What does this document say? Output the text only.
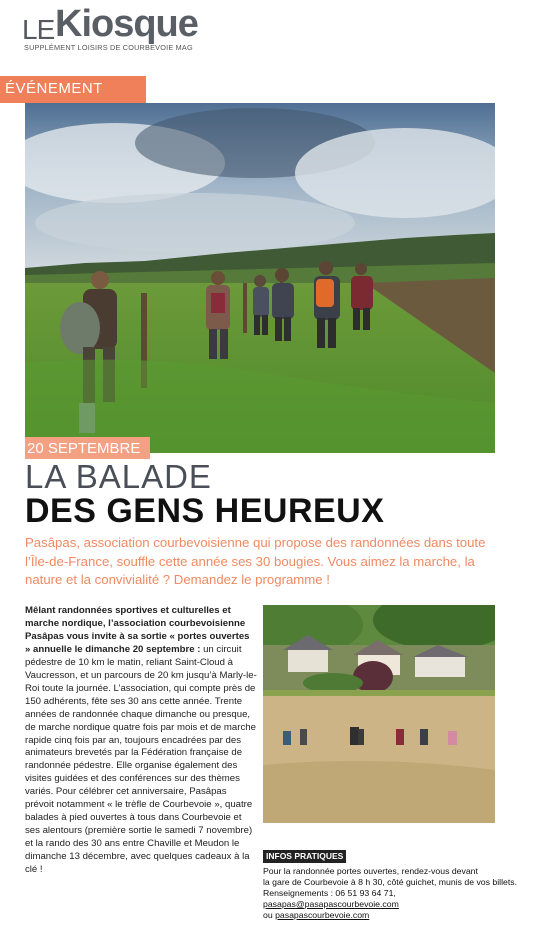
LE Kiosque
SUPPLÉMENT LOISIRS DE COURBEVOIE MAG
ÉVÉNEMENT
20 SEPTEMBRE
LA BALADE
DES GENS HEUREUX
Pasâpas, association courbevoisienne qui propose des randonnées dans toute l’Île-de-France, souffle cette année ses 30 bougies. Vous aimez la marche, la nature et la convivialité ? Demandez le programme !
Mêlant randonnées sportives et culturelles et marche nordique, l’association courbevoisienne Pasâpas vous invite à sa sortie « portes ouvertes » annuelle le dimanche 20 septembre : un circuit pédestre de 10 km le matin, reliant Saint-Cloud à Vaucresson, et un parcours de 20 km jusqu’à Marly-le-Roi toute la journée. L’association, qui compte près de 150 adhérents, fête ses 30 ans cette année. Trente années de randonnée chaque dimanche ou presque, de marche nordique quatre fois par mois et de marche rapide cinq fois par an, toujours encadrées par des animateurs brevetés par la Fédération française de randonnée pédestre. Elle organise également des visites guidées et des conférences sur des thèmes variés. Pour célébrer cet anniversaire, Pasâpas prévoit notamment « le trèfle de Courbevoie », quatre balades à pied ouvertes à tous dans Courbevoie et ses alentours (première sortie le samedi 7 novembre) et la rando des 30 ans entre Chaville et Meudon le dimanche 13 décembre, avec quelques cadeaux à la clé !
INFOS PRATIQUES
Pour la randonnée portes ouvertes, rendez-vous devant
la gare de Courbevoie à 8 h 30, côté guichet, munis de vos billets.
Renseignements : 06 51 93 64 71,
pasapas@pasapascourbevoie.com
ou pasapascourbevoie.com
